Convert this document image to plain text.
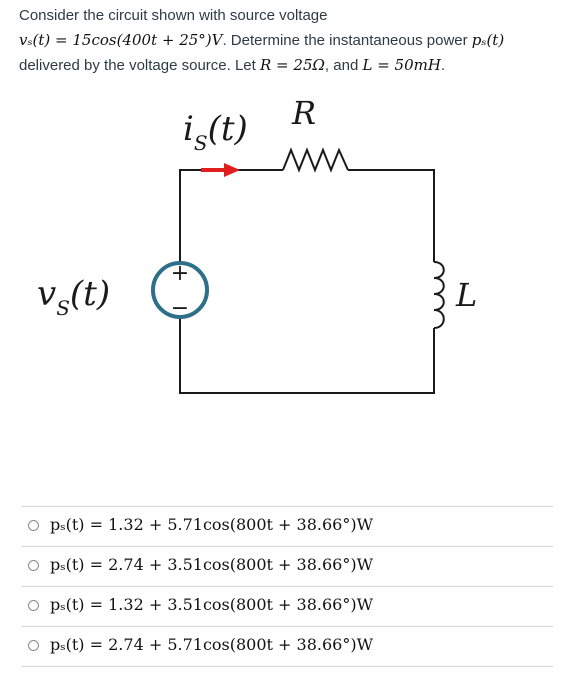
Consider the circuit shown with source voltage
vₛ(t) = 15cos(400t + 25°)V. Determine the instantaneous power pₛ(t)
delivered by the voltage source. Let R = 25Ω, and L = 50mH.
+
−
$i_S(t)$ R
$v_S(t)$	L
pₛ(t) = 1.32 + 5.71cos(800t + 38.66°)W
pₛ(t) = 2.74 + 3.51cos(800t + 38.66°)W
pₛ(t) = 1.32 + 3.51cos(800t + 38.66°)W
pₛ(t) = 2.74 + 5.71cos(800t + 38.66°)W
